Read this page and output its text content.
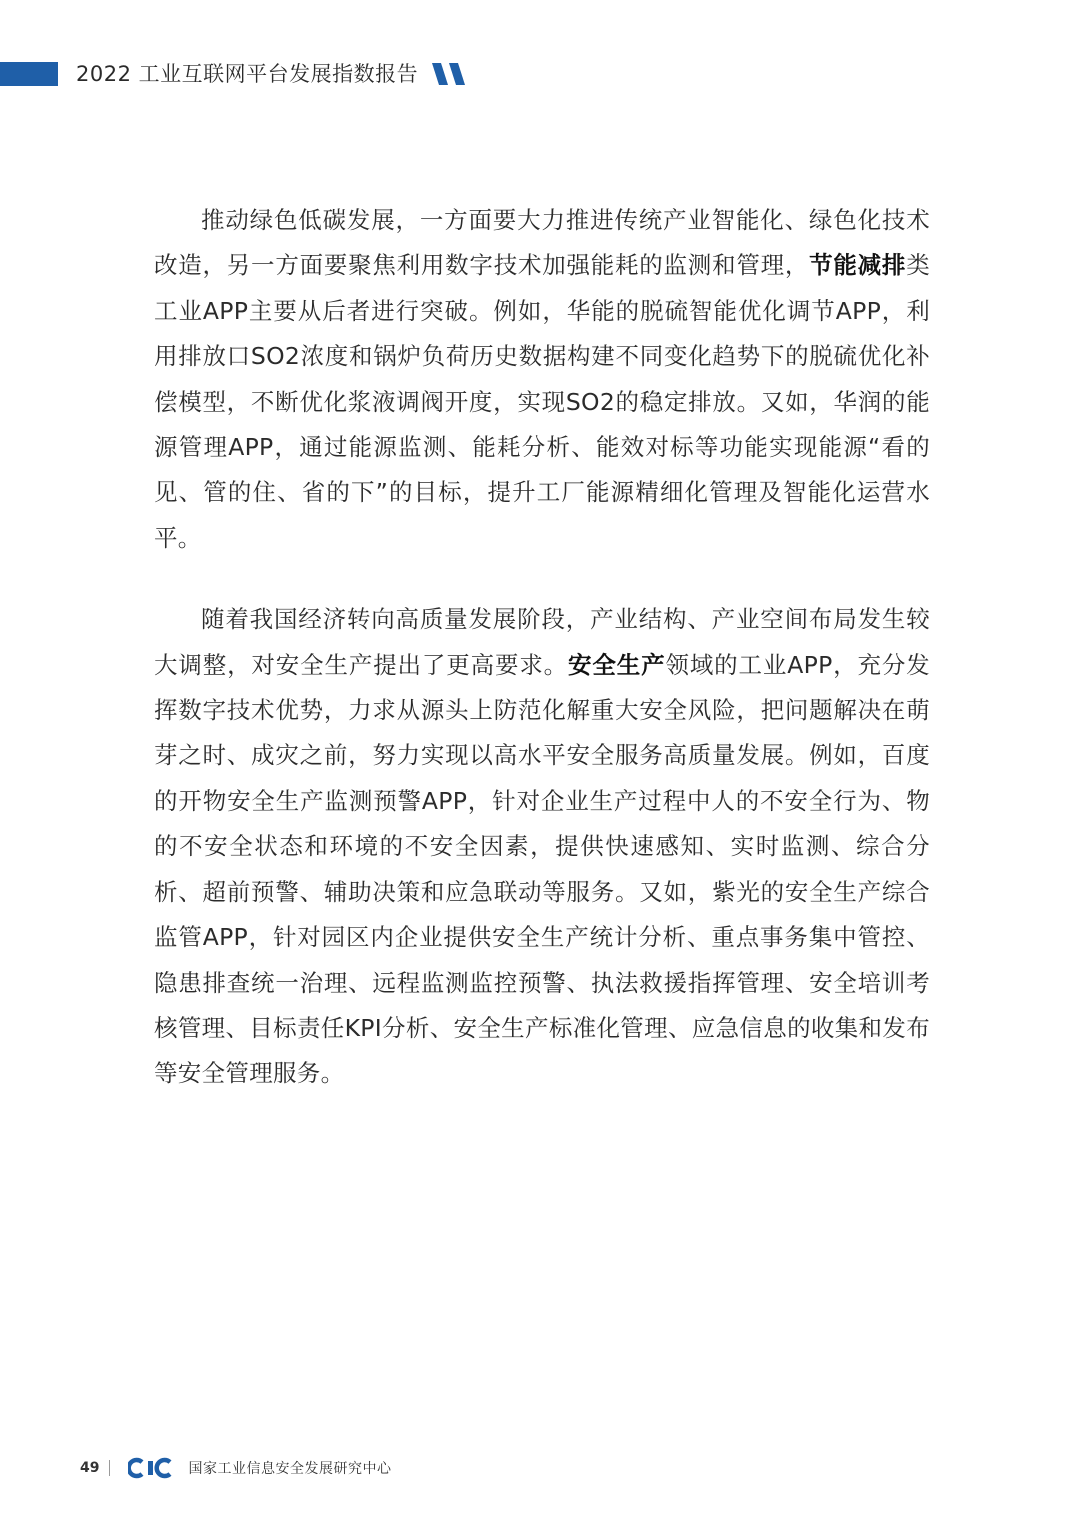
2022 工业互联网平台发展指数报告

推动绿色低碳发展，一方面要大力推进传统产业智能化、绿色化技术改造，另一方面要聚焦利用数字技术加强能耗的监测和管理，节能减排类工业APP主要从后者进行突破。例如，华能的脱硫智能优化调节APP，利用排放口SO2浓度和锅炉负荷历史数据构建不同变化趋势下的脱硫优化补偿模型，不断优化浆液调阀开度，实现SO2的稳定排放。又如，华润的能源管理APP，通过能源监测、能耗分析、能效对标等功能实现能源“看的见、管的住、省的下”的目标，提升工厂能源精细化管理及智能化运营水平。

随着我国经济转向高质量发展阶段，产业结构、产业空间布局发生较大调整，对安全生产提出了更高要求。安全生产领域的工业APP，充分发挥数字技术优势，力求从源头上防范化解重大安全风险，把问题解决在萌芽之时、成灾之前，努力实现以高水平安全服务高质量发展。例如，百度的开物安全生产监测预警APP，针对企业生产过程中人的不安全行为、物的不安全状态和环境的不安全因素，提供快速感知、实时监测、综合分析、超前预警、辅助决策和应急联动等服务。又如，紫光的安全生产综合监管APP，针对园区内企业提供安全生产统计分析、重点事务集中管控、隐患排查统一治理、远程监测监控预警、执法救援指挥管理、安全培训考核管理、目标责任KPI分析、安全生产标准化管理、应急信息的收集和发布等安全管理服务。

49	国家工业信息安全发展研究中心
